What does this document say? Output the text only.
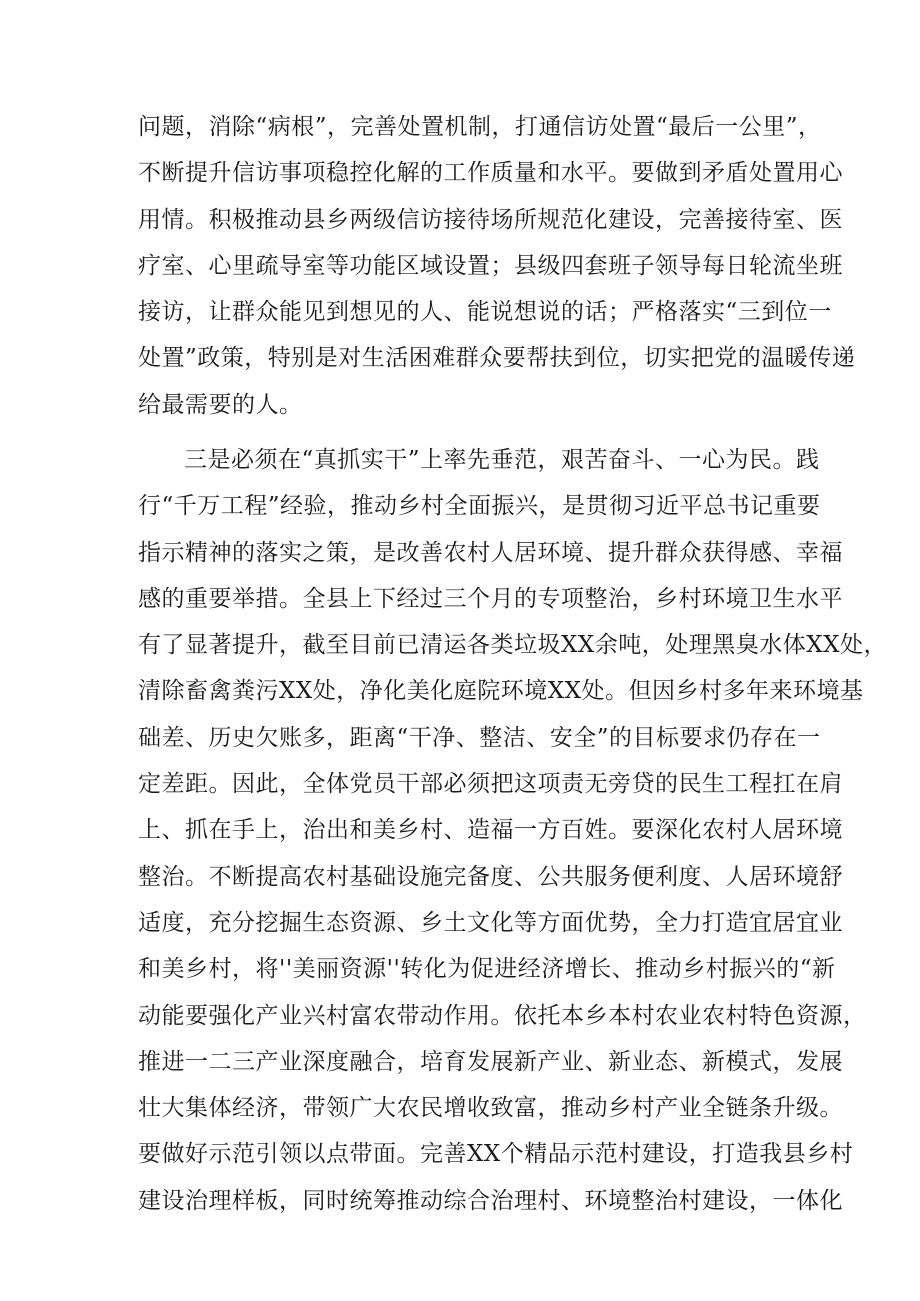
问题，消除“病根”，完善处置机制，打通信访处置“最后一公里”，
不断提升信访事项稳控化解的工作质量和水平。要做到矛盾处置用心
用情。积极推动县乡两级信访接待场所规范化建设，完善接待室、医
疗室、心里疏导室等功能区域设置；县级四套班子领导每日轮流坐班
接访，让群众能见到想见的人、能说想说的话；严格落实“三到位一
处置”政策，特别是对生活困难群众要帮扶到位，切实把党的温暖传递
给最需要的人。
三是必须在“真抓实干”上率先垂范，艰苦奋斗、一心为民。践
行“千万工程”经验，推动乡村全面振兴，是贯彻习近平总书记重要
指示精神的落实之策，是改善农村人居环境、提升群众获得感、幸福
感的重要举措。全县上下经过三个月的专项整治，乡村环境卫生水平
有了显著提升，截至目前已清运各类垃圾XX余吨，处理黑臭水体XX处，
清除畜禽粪污XX处，净化美化庭院环境XX处。但因乡村多年来环境基
础差、历史欠账多，距离“干净、整洁、安全”的目标要求仍存在一
定差距。因此，全体党员干部必须把这项责无旁贷的民生工程扛在肩
上、抓在手上，治出和美乡村、造福一方百姓。要深化农村人居环境
整治。不断提高农村基础设施完备度、公共服务便利度、人居环境舒
适度，充分挖掘生态资源、乡土文化等方面优势，全力打造宜居宜业
和美乡村，将''美丽资源''转化为促进经济增长、推动乡村振兴的“新
动能要强化产业兴村富农带动作用。依托本乡本村农业农村特色资源，
推进一二三产业深度融合，培育发展新产业、新业态、新模式，发展
壮大集体经济，带领广大农民增收致富，推动乡村产业全链条升级。
要做好示范引领以点带面。完善XX个精品示范村建设，打造我县乡村
建设治理样板，同时统筹推动综合治理村、环境整治村建设，一体化
